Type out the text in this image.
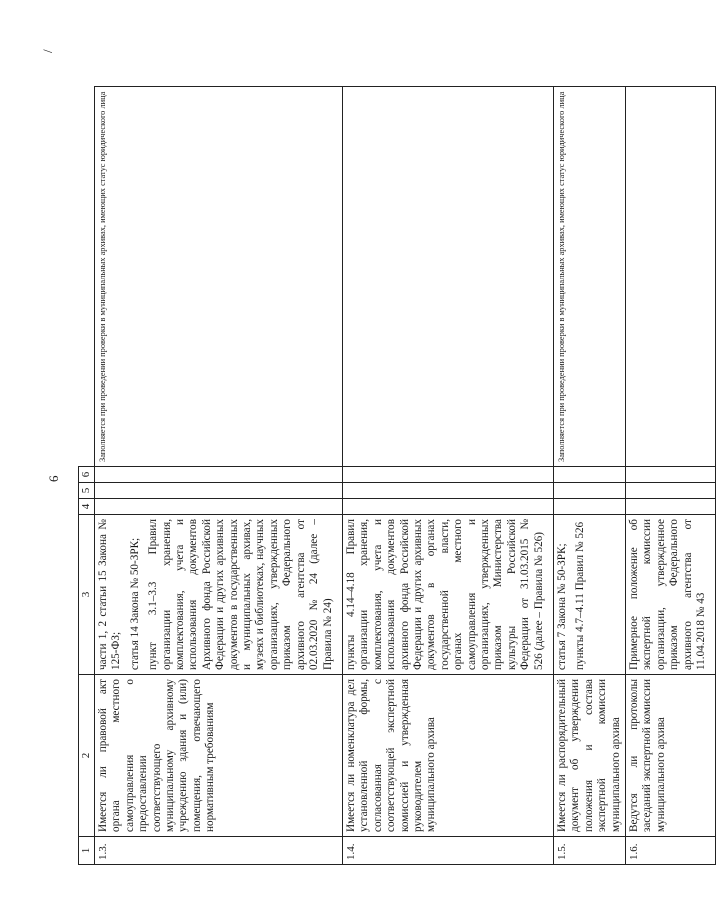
6
/
1	2	3	4	5	6	
1.3.	Имеется ли правовой акт органа местного самоуправления о предоставлении соответствующего муниципальному архивному учреждению здания и (или) помещения, отвечающего нормативным требованиям	части 1, 2 статьи 15 Закона № 125-ФЗ; статья 14 Закона № 50-ЗРК; пункт 3.1–3.3 Правил организации хранения, комплектования, учета и использования документов Архивного фонда Российской Федерации и других архивных документов в государственных и муниципальных архивах, музеях и библиотеках, научных организациях, утвержденных приказом Федерального архивного агентства от 02.03.2020 № 24 (далее – Правила № 24)				Заполняется при проведении проверки в муниципальных архивах, имеющих статус юридического лица
1.4.	Имеется ли номенклатура дел установленной формы, согласованная с соответствующей экспертной комиссией и утвержденная руководителем муниципального архива	пункты 4.14–4.18 Правил организации хранения, комплектования, учета и использования документов архивного фонда Российской Федерации и других архивных документов в органах государственной власти, органах местного самоуправления и организациях, утвержденных приказом Министерства культуры Российской Федерации от 31.03.2015 № 526 (далее – Правила № 526)				

1.5.	Имеется ли распорядительный документ об утверждении положения и состава экспертной комиссии муниципального архива	статья 7 Закона № 50-ЗРК; пункты 4.7–4.11 Правил № 526				Заполняется при проведении проверки в муниципальных архивах, имеющих статус юридического лица
1.6.	Ведутся ли протоколы заседаний экспертной комиссии муниципального архива	Примерное положение об экспертной комиссии организации, утвержденное приказом Федерального архивного агентства от 11.04.2018 № 43				
